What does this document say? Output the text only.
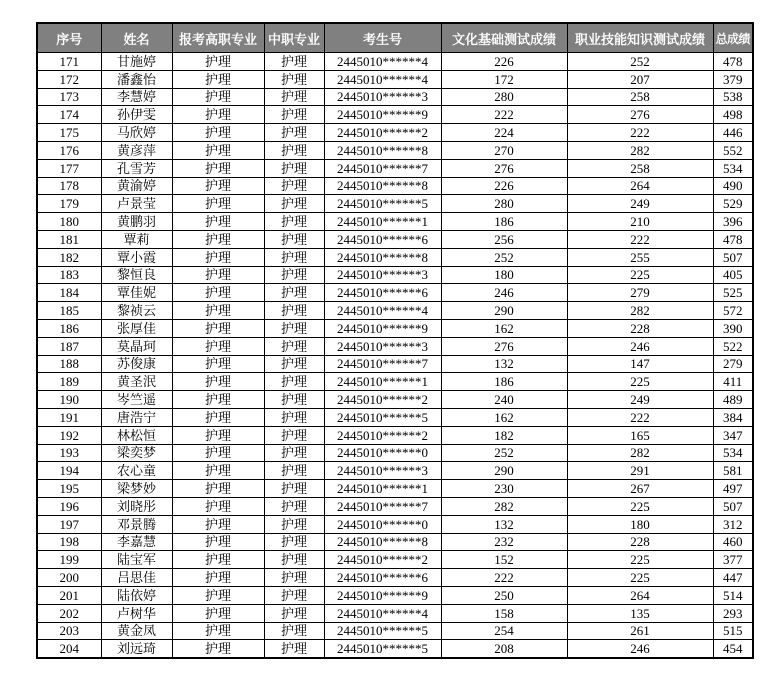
序号	姓名	报考高职专业	中职专业	考生号	文化基础测试成绩	职业技能知识测试成绩	总成绩
171	甘施婷	护理	护理	2445010******4	226	252	478
172	潘鑫怡	护理	护理	2445010******4	172	207	379
173	李慧婷	护理	护理	2445010******3	280	258	538
174	孙伊雯	护理	护理	2445010******9	222	276	498
175	马欣婷	护理	护理	2445010******2	224	222	446
176	黄彦萍	护理	护理	2445010******8	270	282	552
177	孔雪芳	护理	护理	2445010******7	276	258	534
178	黄渝婷	护理	护理	2445010******8	226	264	490
179	卢景莹	护理	护理	2445010******5	280	249	529
180	黄鹏羽	护理	护理	2445010******1	186	210	396
181	覃莉	护理	护理	2445010******6	256	222	478
182	覃小霞	护理	护理	2445010******8	252	255	507
183	黎恒良	护理	护理	2445010******3	180	225	405
184	覃佳妮	护理	护理	2445010******6	246	279	525
185	黎祯云	护理	护理	2445010******4	290	282	572
186	张厚佳	护理	护理	2445010******9	162	228	390
187	莫晶珂	护理	护理	2445010******3	276	246	522
188	苏俊康	护理	护理	2445010******7	132	147	279
189	黄圣泯	护理	护理	2445010******1	186	225	411
190	岑竺遥	护理	护理	2445010******2	240	249	489
191	唐浩宁	护理	护理	2445010******5	162	222	384
192	林松恒	护理	护理	2445010******2	182	165	347
193	梁奕梦	护理	护理	2445010******0	252	282	534
194	农心童	护理	护理	2445010******3	290	291	581
195	梁梦妙	护理	护理	2445010******1	230	267	497
196	刘晓彤	护理	护理	2445010******7	282	225	507
197	邓景腾	护理	护理	2445010******0	132	180	312
198	李嘉慧	护理	护理	2445010******8	232	228	460
199	陆宝军	护理	护理	2445010******2	152	225	377
200	吕思佳	护理	护理	2445010******6	222	225	447
201	陆依婷	护理	护理	2445010******9	250	264	514
202	卢树华	护理	护理	2445010******4	158	135	293
203	黄金凤	护理	护理	2445010******5	254	261	515
204	刘远琦	护理	护理	2445010******5	208	246	454
